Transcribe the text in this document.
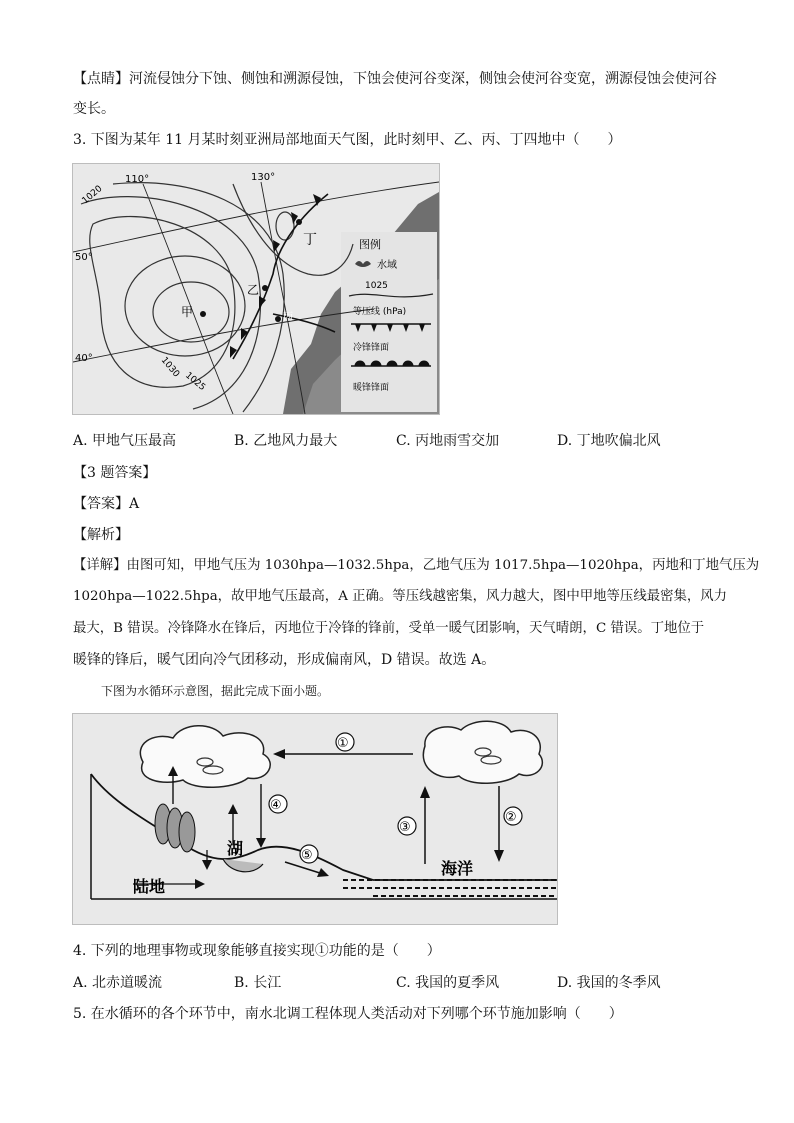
【点睛】河流侵蚀分下蚀、侧蚀和溯源侵蚀，下蚀会使河谷变深，侧蚀会使河谷变宽，溯源侵蚀会使河谷
变长。
3. 下图为某年 11 月某时刻亚洲局部地面天气图，此时刻甲、乙、丙、丁四地中（　　）
110°	130°
50°
40°
甲
乙
丙
丁
1020
1025
1030
图例
水域
1025
等压线 (hPa)
冷锋锋面
暖锋锋面
A. 甲地气压最高	B. 乙地风力最大	C. 丙地雨雪交加	D. 丁地吹偏北风
【3 题答案】
【答案】A
【解析】
【详解】由图可知，甲地气压为 1030hpa—1032.5hpa，乙地气压为 1017.5hpa—1020hpa，丙地和丁地气压为
1020hpa—1022.5hpa，故甲地气压最高，A 正确。等压线越密集，风力越大，图中甲地等压线最密集，风力
最大，B 错误。冷锋降水在锋后，丙地位于冷锋的锋前，受单一暖气团影响，天气晴朗，C 错误。丁地位于
暖锋的锋后，暖气团向冷气团移动，形成偏南风，D 错误。故选 A。
下图为水循环示意图，据此完成下面小题。
①
湖
④
⑤
③
②
陆地
海洋
4. 下列的地理事物或现象能够直接实现①功能的是（　　）
A. 北赤道暖流	B. 长江	C. 我国的夏季风	D. 我国的冬季风
5. 在水循环的各个环节中，南水北调工程体现人类活动对下列哪个环节施加影响（　　）
